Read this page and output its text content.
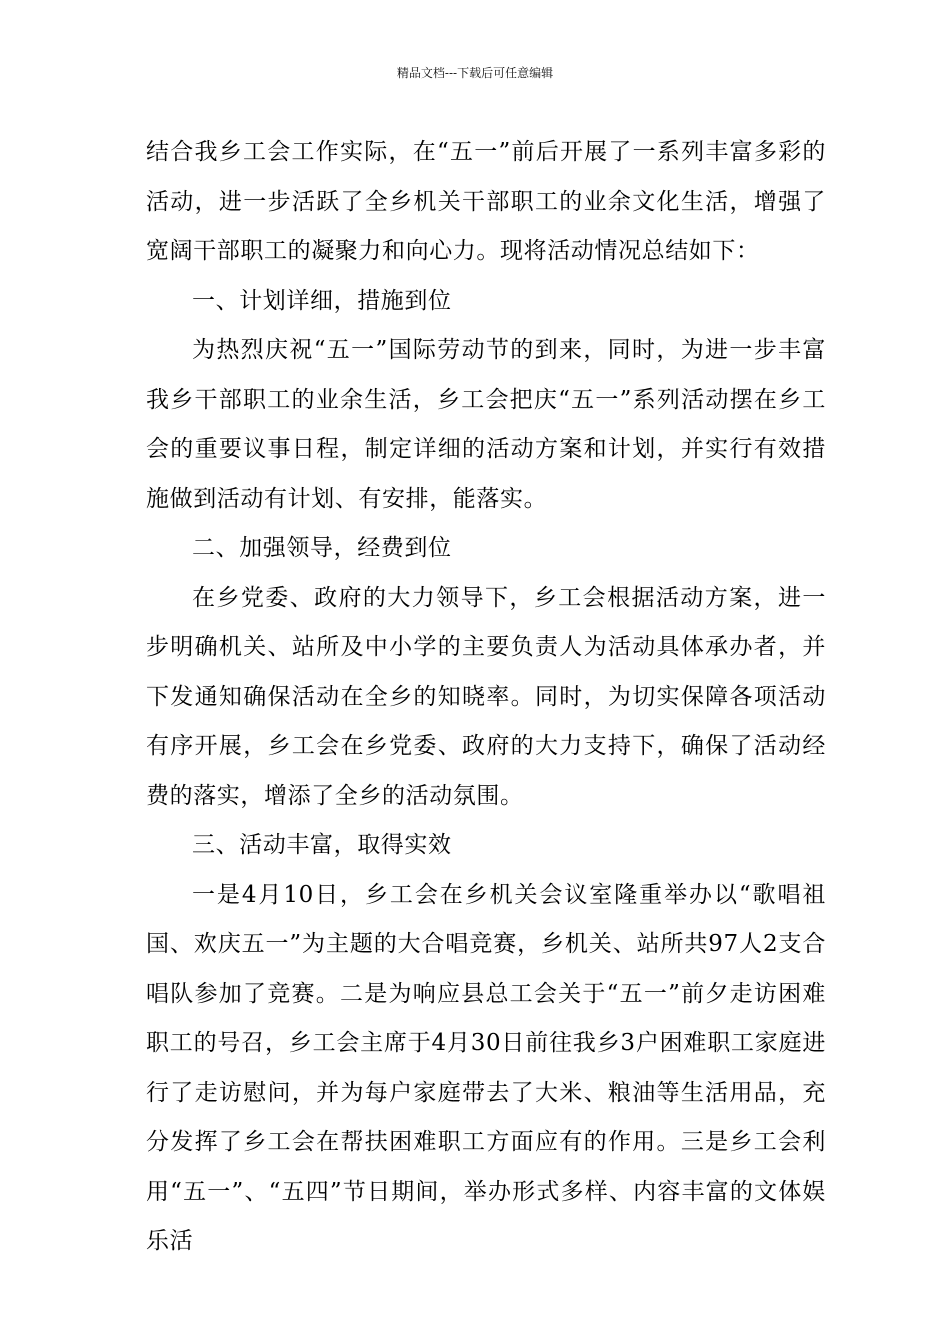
精品文档---下载后可任意编辑

结合我乡工会工作实际，在“五一”前后开展了一系列丰富多彩的活动，进一步活跃了全乡机关干部职工的业余文化生活，增强了宽阔干部职工的凝聚力和向心力。现将活动情况总结如下：

一、计划详细，措施到位

为热烈庆祝“五一”国际劳动节的到来，同时，为进一步丰富我乡干部职工的业余生活，乡工会把庆“五一”系列活动摆在乡工会的重要议事日程，制定详细的活动方案和计划，并实行有效措施做到活动有计划、有安排，能落实。

二、加强领导，经费到位

在乡党委、政府的大力领导下，乡工会根据活动方案，进一步明确机关、站所及中小学的主要负责人为活动具体承办者，并下发通知确保活动在全乡的知晓率。同时，为切实保障各项活动有序开展，乡工会在乡党委、政府的大力支持下，确保了活动经费的落实，增添了全乡的活动氛围。

三、活动丰富，取得实效

一是4月10日，乡工会在乡机关会议室隆重举办以“歌唱祖国、欢庆五一”为主题的大合唱竞赛，乡机关、站所共97人2支合唱队参加了竞赛。二是为响应县总工会关于“五一”前夕走访困难职工的号召，乡工会主席于4月30日前往我乡3户困难职工家庭进行了走访慰问，并为每户家庭带去了大米、粮油等生活用品，充分发挥了乡工会在帮扶困难职工方面应有的作用。三是乡工会利用“五一”、“五四”节日期间，举办形式多样、内容丰富的文体娱乐活
